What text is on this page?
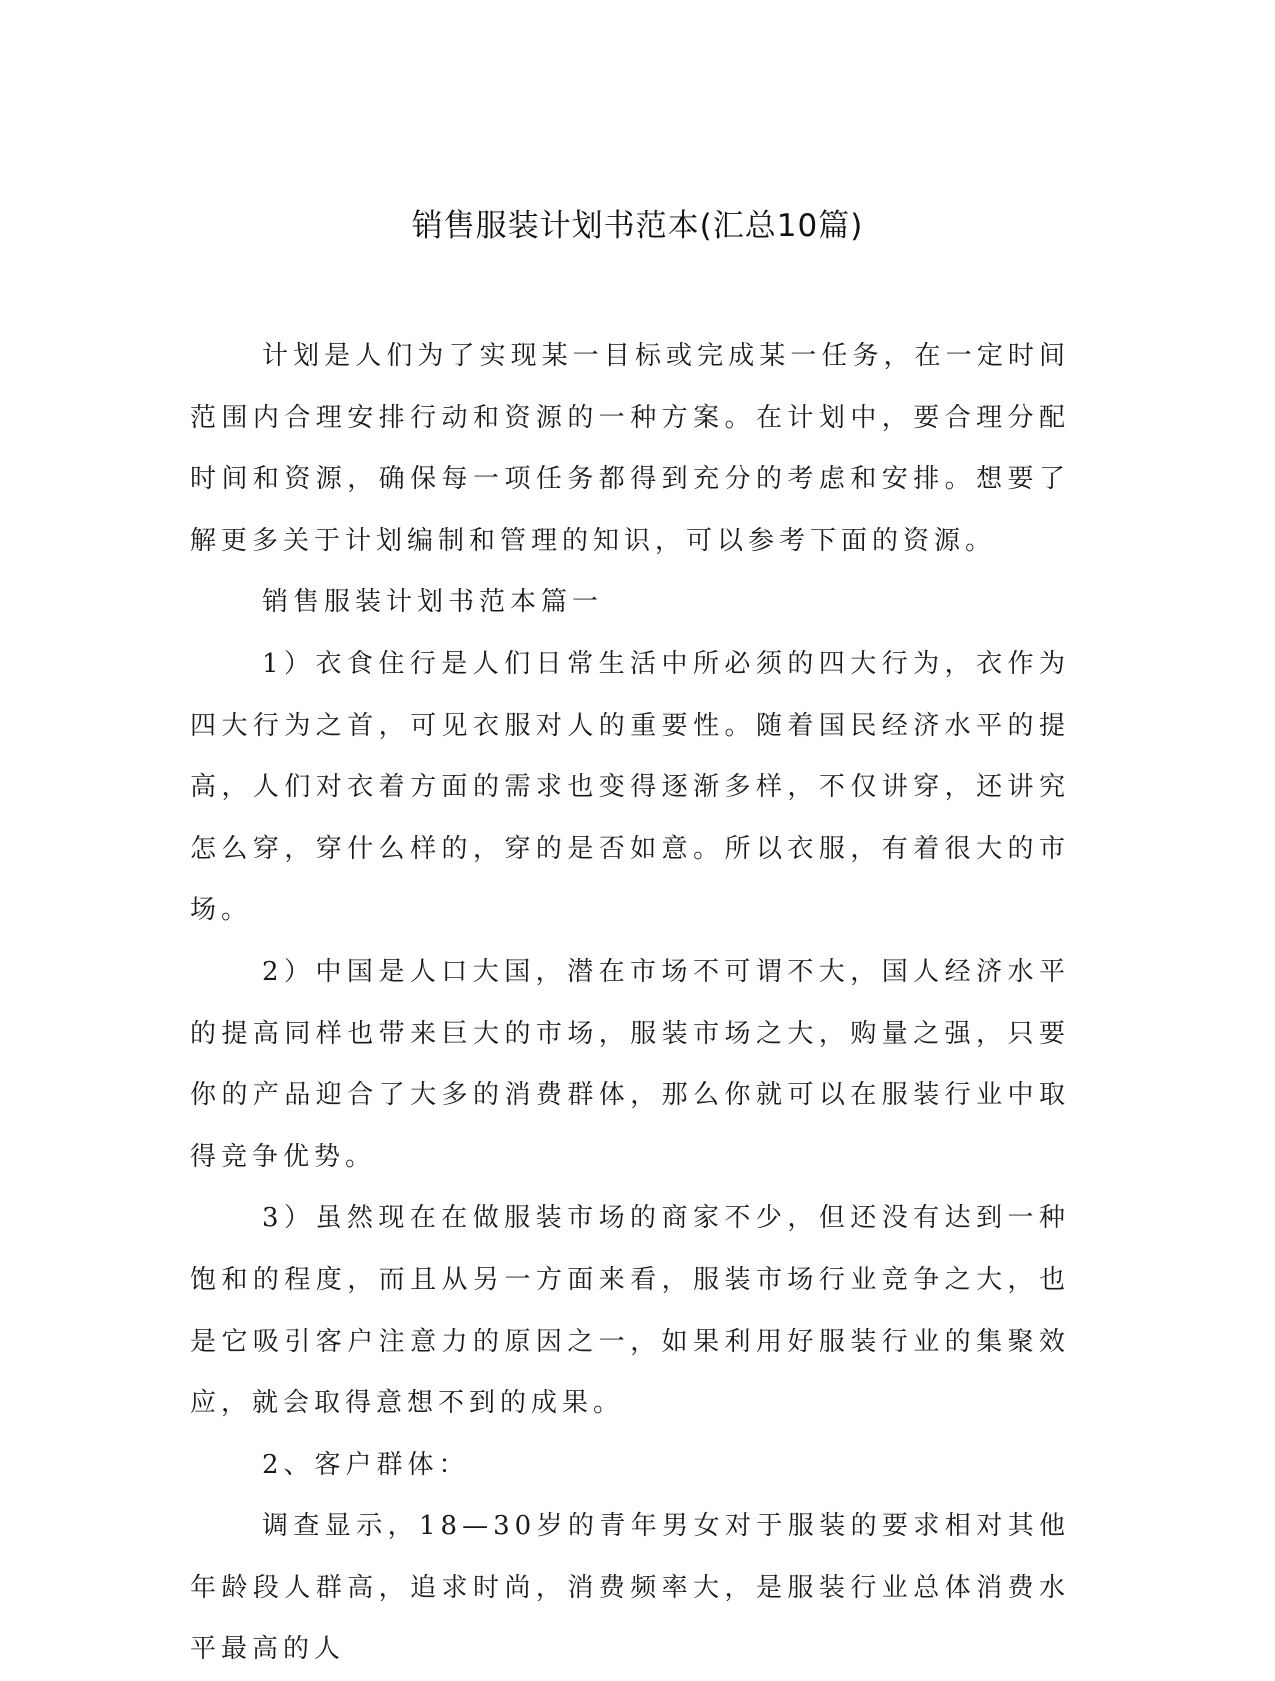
销售服装计划书范本(汇总10篇)

计划是人们为了实现某一目标或完成某一任务，在一定时间范围内合理安排行动和资源的一种方案。在计划中，要合理分配时间和资源，确保每一项任务都得到充分的考虑和安排。想要了解更多关于计划编制和管理的知识，可以参考下面的资源。

销售服装计划书范本篇一

1）衣食住行是人们日常生活中所必须的四大行为，衣作为四大行为之首，可见衣服对人的重要性。随着国民经济水平的提高，人们对衣着方面的需求也变得逐渐多样，不仅讲穿，还讲究怎么穿，穿什么样的，穿的是否如意。所以衣服，有着很大的市场。

2）中国是人口大国，潜在市场不可谓不大，国人经济水平的提高同样也带来巨大的市场，服装市场之大，购量之强，只要你的产品迎合了大多的消费群体，那么你就可以在服装行业中取得竞争优势。

3）虽然现在在做服装市场的商家不少，但还没有达到一种饱和的程度，而且从另一方面来看，服装市场行业竞争之大，也是它吸引客户注意力的原因之一，如果利用好服装行业的集聚效应，就会取得意想不到的成果。

2、客户群体：

调查显示，18—30岁的青年男女对于服装的要求相对其他年龄段人群高，追求时尚，消费频率大，是服装行业总体消费水平最高的人
